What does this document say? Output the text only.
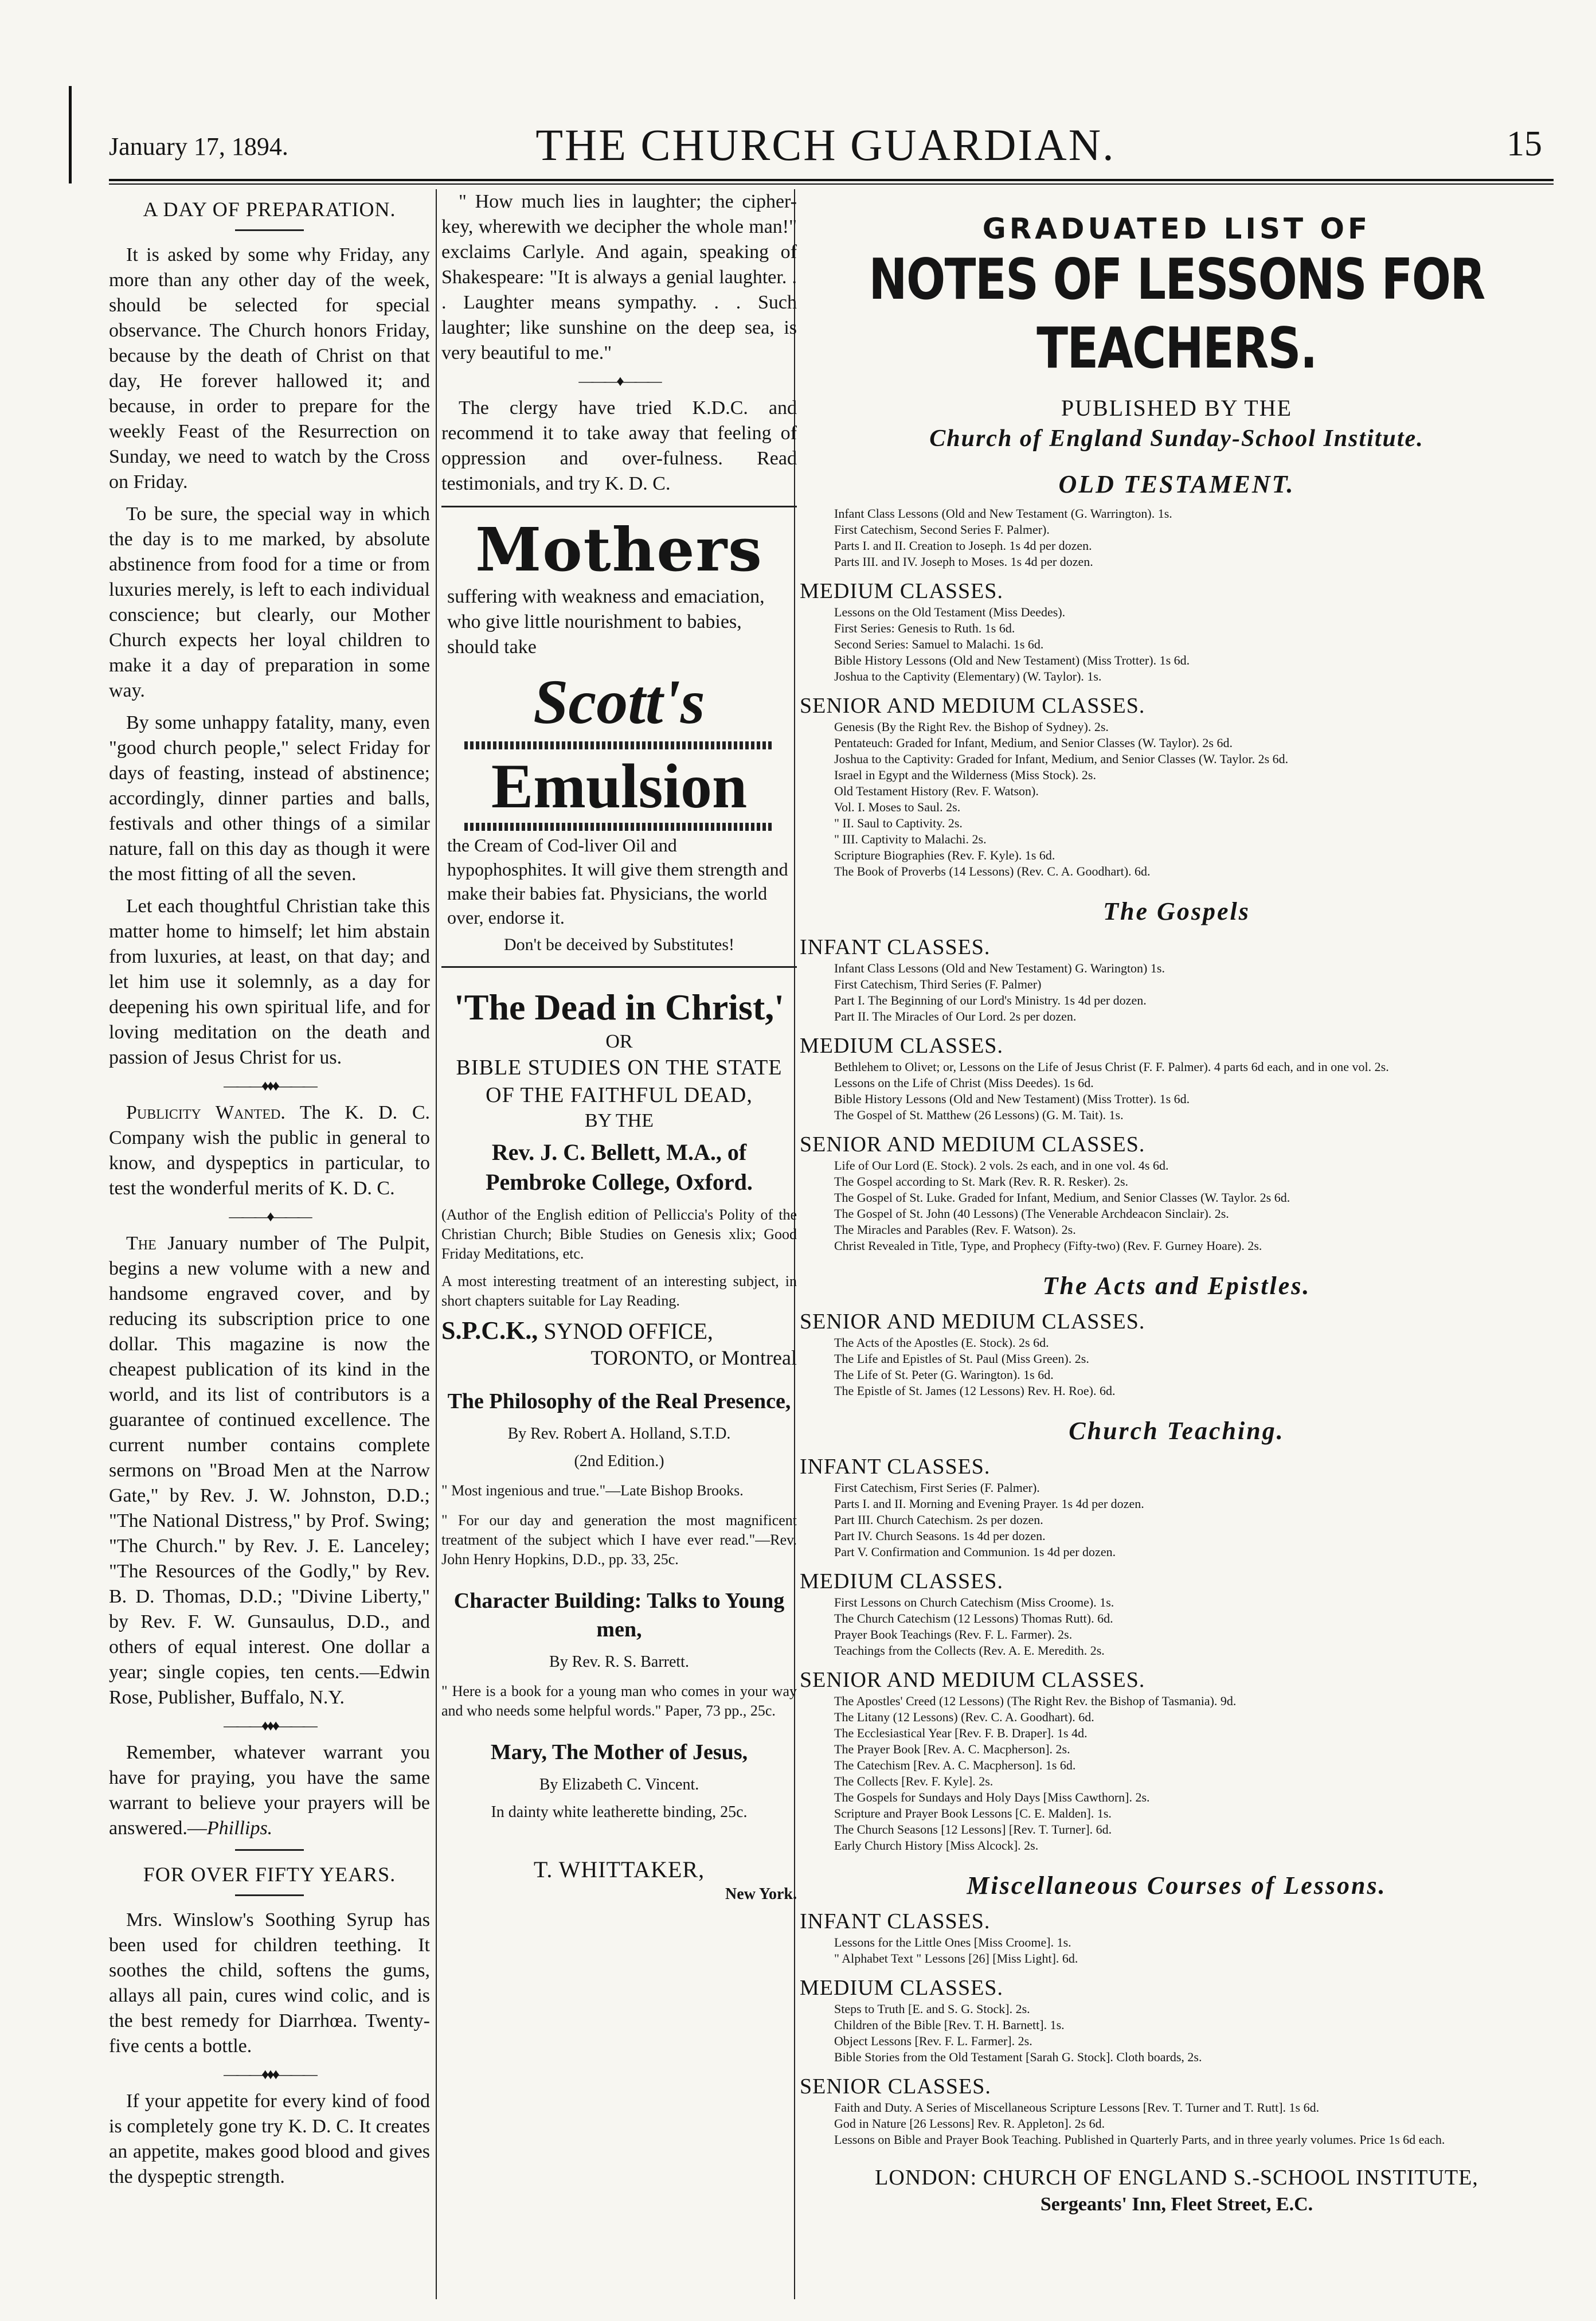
January 17, 1894.	THE CHURCH GUARDIAN.	15
A DAY OF PREPARATION.

It is asked by some why Friday, any more than any other day of the week, should be selected for special observance. The Church honors Friday, because by the death of Christ on that day, He forever hallowed it; and because, in order to prepare for the weekly Feast of the Resurrection on Sunday, we need to watch by the Cross on Friday.

To be sure, the special way in which the day is to me marked, by absolute abstinence from food for a time or from luxuries merely, is left to each individual conscience; but clearly, our Mother Church expects her loyal children to make it a day of preparation in some way.

By some unhappy fatality, many, even "good church people," select Friday for days of feasting, instead of abstinence; accordingly, dinner parties and balls, festivals and other things of a similar nature, fall on this day as though it were the most fitting of all the seven.

Let each thoughtful Christian take this matter home to himself; let him abstain from luxuries, at least, on that day; and let him use it solemnly, as a day for deepening his own spiritual life, and for loving meditation on the death and passion of Jesus Christ for us.

———♦♦♦———

Publicity Wanted. The K. D. C. Company wish the public in general to know, and dyspeptics in particular, to test the wonderful merits of K. D. C.

———♦———

The January number of The Pulpit, begins a new volume with a new and handsome engraved cover, and by reducing its subscription price to one dollar. This magazine is now the cheapest publication of its kind in the world, and its list of contributors is a guarantee of continued excellence. The current number contains complete sermons on "Broad Men at the Narrow Gate," by Rev. J. W. Johnston, D.D.; "The National Distress," by Prof. Swing; "The Church." by Rev. J. E. Lanceley; "The Resources of the Godly," by Rev. B. D. Thomas, D.D.; "Divine Liberty," by Rev. F. W. Gunsaulus, D.D., and others of equal interest. One dollar a year; single copies, ten cents.—Edwin Rose, Publisher, Buffalo, N.Y.

———♦♦♦———

Remember, whatever warrant you have for praying, you have the same warrant to believe your prayers will be answered.—Phillips.

FOR OVER FIFTY YEARS.

Mrs. Winslow's Soothing Syrup has been used for children teething. It soothes the child, softens the gums, allays all pain, cures wind colic, and is the best remedy for Diarrhœa. Twenty-five cents a bottle.

———♦♦♦———

If your appetite for every kind of food is completely gone try K. D. C. It creates an appetite, makes good blood and gives the dyspeptic strength.

" How much lies in laughter; the cipher-key, wherewith we decipher the whole man!" exclaims Carlyle. And again, speaking of Shakespeare: "It is always a genial laughter. . . Laughter means sympathy. . . Such laughter; like sunshine on the deep sea, is very beautiful to me."

———♦———

The clergy have tried K.D.C. and recommend it to take away that feeling of oppression and over-fulness. Read testimonials, and try K. D. C.

Mothers
suffering with weakness and emaciation, who give little nourishment to babies, should take
Scott's
Emulsion
the Cream of Cod-liver Oil and hypophosphites. It will give them strength and make their babies fat. Physicians, the world over, endorse it.
Don't be deceived by Substitutes!
'The Dead in Christ,'
OR
BIBLE STUDIES ON THE STATE OF THE FAITHFUL DEAD,
BY THE
Rev. J. C. Bellett, M.A., of Pembroke College, Oxford.
(Author of the English edition of Pelliccia's Polity of the Christian Church; Bible Studies on Genesis xlix; Good Friday Meditations, etc.
A most interesting treatment of an interesting subject, in short chapters suitable for Lay Reading.
S.P.C.K., SYNOD OFFICE,
TORONTO, or Montreal
The Philosophy of the Real Presence,
By Rev. Robert A. Holland, S.T.D.
(2nd Edition.)
" Most ingenious and true."—Late Bishop Brooks.
" For our day and generation the most magnificent treatment of the subject which I have ever read."—Rev. John Henry Hopkins, D.D., pp. 33, 25c.
Character Building: Talks to Young men,
By Rev. R. S. Barrett.
" Here is a book for a young man who comes in your way and who needs some helpful words." Paper, 73 pp., 25c.
Mary, The Mother of Jesus,
By Elizabeth C. Vincent.
In dainty white leatherette binding, 25c.
T. WHITTAKER,
New York.
GRADUATED LIST OF
NOTES OF LESSONS FOR TEACHERS.
PUBLISHED BY THE
Church of England Sunday-School Institute.
OLD TESTAMENT.
Infant Class Lessons (Old and New Testament (G. Warrington). 1s.
First Catechism, Second Series F. Palmer).
Parts I. and II. Creation to Joseph. 1s 4d per dozen.
Parts III. and IV. Joseph to Moses. 1s 4d per dozen.
MEDIUM CLASSES.
Lessons on the Old Testament (Miss Deedes).
First Series: Genesis to Ruth. 1s 6d.
Second Series: Samuel to Malachi. 1s 6d.
Bible History Lessons (Old and New Testament) (Miss Trotter). 1s 6d.
Joshua to the Captivity (Elementary) (W. Taylor). 1s.
SENIOR AND MEDIUM CLASSES.
Genesis (By the Right Rev. the Bishop of Sydney). 2s.
Pentateuch: Graded for Infant, Medium, and Senior Classes (W. Taylor). 2s 6d.
Joshua to the Captivity: Graded for Infant, Medium, and Senior Classes (W. Taylor. 2s 6d.
Israel in Egypt and the Wilderness (Miss Stock). 2s.
Old Testament History (Rev. F. Watson).
Vol. I. Moses to Saul. 2s.
" II. Saul to Captivity. 2s.
" III. Captivity to Malachi. 2s.
Scripture Biographies (Rev. F. Kyle). 1s 6d.
The Book of Proverbs (14 Lessons) (Rev. C. A. Goodhart). 6d.
The Gospels
INFANT CLASSES.
Infant Class Lessons (Old and New Testament) G. Warington) 1s.
First Catechism, Third Series (F. Palmer)
Part I. The Beginning of our Lord's Ministry. 1s 4d per dozen.
Part II. The Miracles of Our Lord. 2s per dozen.
MEDIUM CLASSES.
Bethlehem to Olivet; or, Lessons on the Life of Jesus Christ (F. F. Palmer). 4 parts 6d each, and in one vol. 2s.
Lessons on the Life of Christ (Miss Deedes). 1s 6d.
Bible History Lessons (Old and New Testament) (Miss Trotter). 1s 6d.
The Gospel of St. Matthew (26 Lessons) (G. M. Tait). 1s.
SENIOR AND MEDIUM CLASSES.
Life of Our Lord (E. Stock). 2 vols. 2s each, and in one vol. 4s 6d.
The Gospel according to St. Mark (Rev. R. R. Resker). 2s.
The Gospel of St. Luke. Graded for Infant, Medium, and Senior Classes (W. Taylor. 2s 6d.
The Gospel of St. John (40 Lessons) (The Venerable Archdeacon Sinclair). 2s.
The Miracles and Parables (Rev. F. Watson). 2s.
Christ Revealed in Title, Type, and Prophecy (Fifty-two) (Rev. F. Gurney Hoare). 2s.
The Acts and Epistles.
SENIOR AND MEDIUM CLASSES.
The Acts of the Apostles (E. Stock). 2s 6d.
The Life and Epistles of St. Paul (Miss Green). 2s.
The Life of St. Peter (G. Warington). 1s 6d.
The Epistle of St. James (12 Lessons) Rev. H. Roe). 6d.
Church Teaching.
INFANT CLASSES.
First Catechism, First Series (F. Palmer).
Parts I. and II. Morning and Evening Prayer. 1s 4d per dozen.
Part III. Church Catechism. 2s per dozen.
Part IV. Church Seasons. 1s 4d per dozen.
Part V. Confirmation and Communion. 1s 4d per dozen.
MEDIUM CLASSES.
First Lessons on Church Catechism (Miss Croome). 1s.
The Church Catechism (12 Lessons) Thomas Rutt). 6d.
Prayer Book Teachings (Rev. F. L. Farmer). 2s.
Teachings from the Collects (Rev. A. E. Meredith. 2s.
SENIOR AND MEDIUM CLASSES.
The Apostles' Creed (12 Lessons) (The Right Rev. the Bishop of Tasmania). 9d.
The Litany (12 Lessons) (Rev. C. A. Goodhart). 6d.
The Ecclesiastical Year [Rev. F. B. Draper]. 1s 4d.
The Prayer Book [Rev. A. C. Macpherson]. 2s.
The Catechism [Rev. A. C. Macpherson]. 1s 6d.
The Collects [Rev. F. Kyle]. 2s.
The Gospels for Sundays and Holy Days [Miss Cawthorn]. 2s.
Scripture and Prayer Book Lessons [C. E. Malden]. 1s.
The Church Seasons [12 Lessons] [Rev. T. Turner]. 6d.
Early Church History [Miss Alcock]. 2s.
Miscellaneous Courses of Lessons.
INFANT CLASSES.
Lessons for the Little Ones [Miss Croome]. 1s.
" Alphabet Text " Lessons [26] [Miss Light]. 6d.
MEDIUM CLASSES.
Steps to Truth [E. and S. G. Stock]. 2s.
Children of the Bible [Rev. T. H. Barnett]. 1s.
Object Lessons [Rev. F. L. Farmer]. 2s.
Bible Stories from the Old Testament [Sarah G. Stock]. Cloth boards, 2s.
SENIOR CLASSES.
Faith and Duty. A Series of Miscellaneous Scripture Lessons [Rev. T. Turner and T. Rutt]. 1s 6d.
God in Nature [26 Lessons] Rev. R. Appleton]. 2s 6d.
Lessons on Bible and Prayer Book Teaching. Published in Quarterly Parts, and in three yearly volumes. Price 1s 6d each.
LONDON: CHURCH OF ENGLAND S.-SCHOOL INSTITUTE,
Sergeants' Inn, Fleet Street, E.C.
